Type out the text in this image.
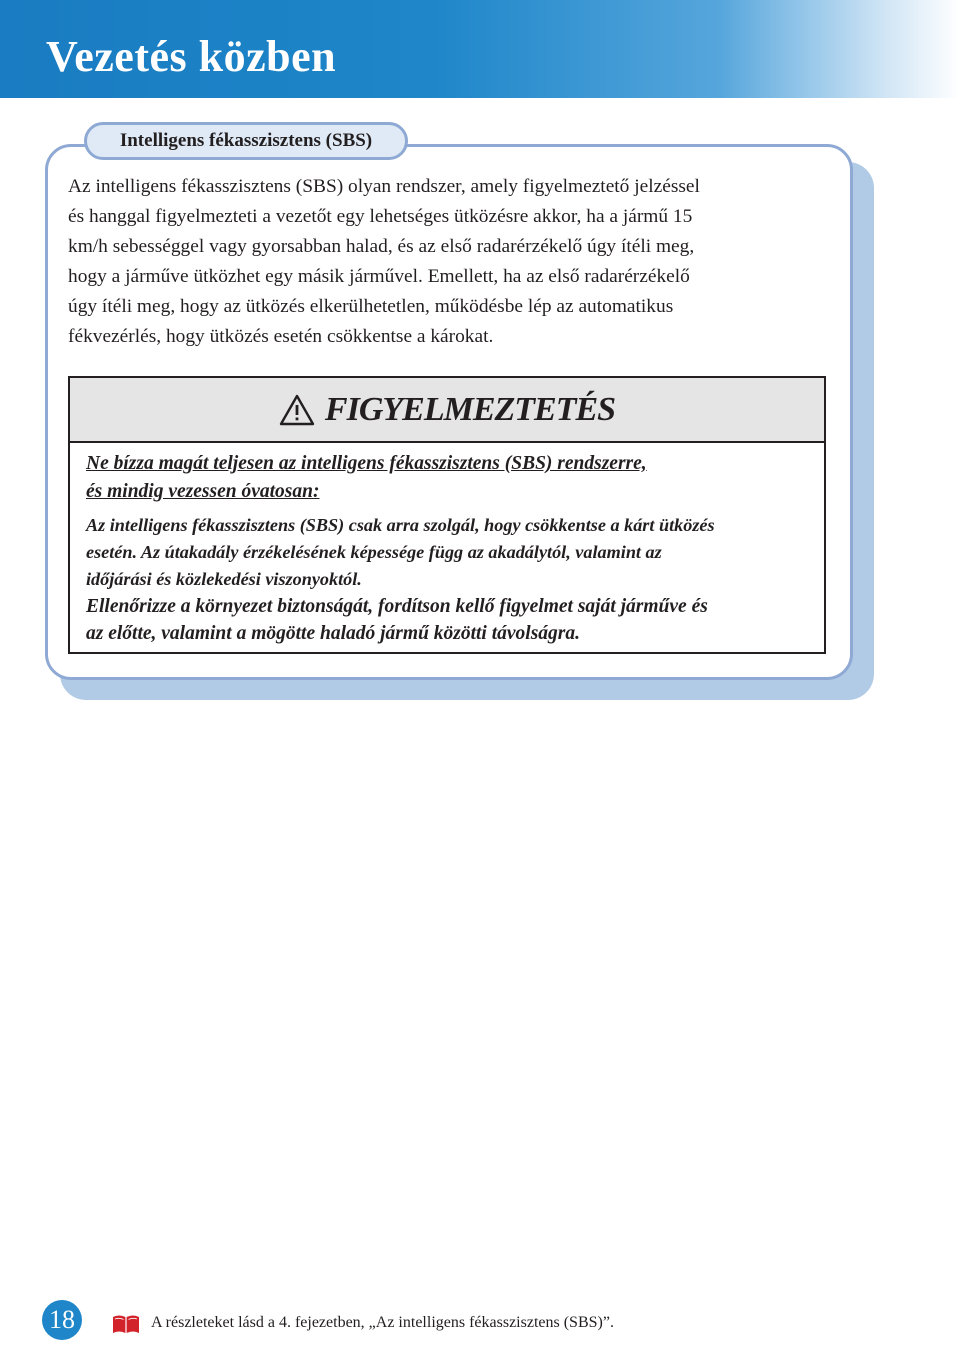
Vezetés közben
Intelligens fékasszisztens (SBS)
Az intelligens fékasszisztens (SBS) olyan rendszer, amely figyelmeztető jelzéssel
és hanggal figyelmezteti a vezetőt egy lehetséges ütközésre akkor, ha a jármű 15
km/h sebességgel vagy gyorsabban halad, és az első radarérzékelő úgy ítéli meg,
hogy a járműve ütközhet egy másik járművel. Emellett, ha az első radarérzékelő
úgy ítéli meg, hogy az ütközés elkerülhetetlen, működésbe lép az automatikus
fékvezérlés, hogy ütközés esetén csökkentse a károkat.
FIGYELMEZTETÉS
Ne bízza magát teljesen az intelligens fékasszisztens (SBS) rendszerre,
és mindig vezessen óvatosan:
Az intelligens fékasszisztens (SBS) csak arra szolgál, hogy csökkentse a kárt ütközés
esetén. Az útakadály érzékelésének képessége függ az akadálytól, valamint az
időjárási és közlekedési viszonyoktól.
Ellenőrizze a környezet biztonságát, fordítson kellő figyelmet saját járműve és
az előtte, valamint a mögötte haladó jármű közötti távolságra.
18	A részleteket lásd a 4. fejezetben, „Az intelligens fékasszisztens (SBS)”.
